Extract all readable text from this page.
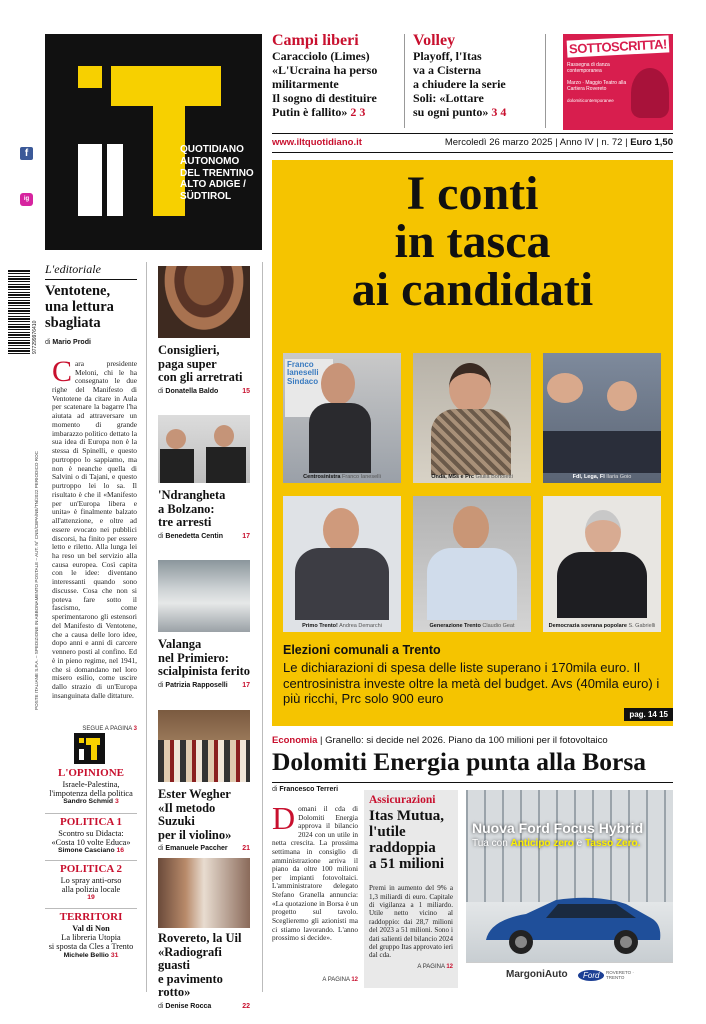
f
ig
977299976410
POSTE ITALIANE S.P.A. – SPEDIZIONE IN ABBONAMENTO POSTALE – AUT. N° CNS/CBPA/NE/TN/2022 PERIODICO ROC
QUOTIDIANO
AUTONOMO
DEL TRENTINO
ALTO ADIGE /
SÜDTIROL
Campi liberi
Caracciolo (Limes)
«L'Ucraina ha perso
militarmente
Il sogno di destituire
Putin è fallito» 2 3
Volley
Playoff, l'Itas
va a Cisterna
a chiudere la serie
Soli: «Lottare
su ogni punto» 3 4
SOTTOSCRITTA!
Rassegna di danza contemporanea
Marzo · Maggio Teatro alla Cartiera Rovereto
dolomiticontemporanee
www.iltquotidiano.it	Mercoledì 26 marzo 2025 | Anno IV | n. 72 | Euro 1,50
I conti
in tasca
ai candidati
Franco Ianeselli Sindaco
Centrosinistra Franco Ianeselli	Onda, M5s e Prc Giulia Bortoletti	FdI, Lega, FI Ilaria Goio
Primo Trento! Andrea Demarchi	Generazione Trento Claudio Geat	Democrazia sovrana popolare S. Gabrielli
Elezioni comunali a Trento
Le dichiarazioni di spesa delle liste superano i 170mila euro. Il centrosinistra investe oltre la metà del budget. Avs (40mila euro) i più ricchi, Prc solo 900 euro
pag. 14 15
L'editoriale
Ventotene,
una lettura
sbagliata
di Mario Prodi
Cara presidente Meloni, chi le ha consegnato le due righe del Manifesto di Ventotene da citare in Aula per scatenare la bagarre l'ha aiutata ad attraversare un momento di grande imbarazzo politico dettato la sua idea di Europa non è la stessa di Spinelli, e questo purtroppo lo sappiamo, ma non è neanche quella di Salvini o di Tajani, e questo purtroppo lei lo sa. Il risultato è che il «Manifesto per un'Europa libera e unita» è finalmente balzato all'attenzione, e oltre ad essere evocato nei pubblici discorsi, ha finito per essere letto e riletto. Alla lunga lei ha reso un bel servizio alla causa europea. Così capita con le idee: diventano interessanti quando sono discusse. Cosa che non si poteva fare sotto il fascismo, come sperimentarono gli estensori del Manifesto di Ventotene, che a causa delle loro idee, dopo anni e anni di carcere vennero posti al confino. Ed è in pieno regime, nel 1941, che si domandano nel loro misero esilio, come uscire dallo strazio di un'Europa insanguinata dalle dittature.
SEGUE A PAGINA 3
L'OPINIONE
Israele-Palestina,
l'impotenza della politica
Sandro Schmid 3
POLITICA 1
Scontro su Didacta:
«Costa 10 volte Educa»
Simone Casciano 16
POLITICA 2
Lo spray anti-orso
alla polizia locale
19
TERRITORI
Val di Non
La libreria Utopia
si sposta da Cles a Trento
Michele Bellio 31
Consiglieri,
paga super
con gli arretrati
di Donatella Baldo	15
'Ndrangheta
a Bolzano:
tre arresti
di Benedetta Centin	17
Valanga
nel Primiero:
scialpinista ferito
di Patrizia Rapposelli 17
Ester Wegher
«Il metodo Suzuki
per il violino»
di Emanuele Paccher 21
Rovereto, la Uil
«Radiografi guasti
e pavimento rotto»
di Denise Rocca	22
Economia | Granello: si decide nel 2026. Piano da 100 milioni per il fotovoltaico
Dolomiti Energia punta alla Borsa
di Francesco Terreri
Domani il cda di Dolomiti Energia approva il bilancio 2024 con un utile in netta crescita. La prossima settimana in consiglio di amministrazione arriva il piano da oltre 100 milioni per impianti fotovoltaici. L'amministratore delegato Stefano Granella annuncia: «La quotazione in Borsa è un progetto sul tavolo. Sceglieremo gli azionisti ma ci stiamo lavorando. L'anno prossimo si decide».
A PAGINA 12
Assicurazioni
Itas Mutua,
l'utile
raddoppia
a 51 milioni
Premi in aumento del 9% a 1,3 miliardi di euro. Capitale di vigilanza a 1 miliardo. Utile netto vicino al raddoppio: dai 28,7 milioni del 2023 a 51 milioni. Sono i dati salienti del bilancio 2024 del gruppo Itas approvato ieri dal cda.
A PAGINA 12
Nuova Ford Focus Hybrid
Tua con Anticipo zero e Tasso Zero.
MargoniAuto	Ford	ROVERETO · TRENTO
